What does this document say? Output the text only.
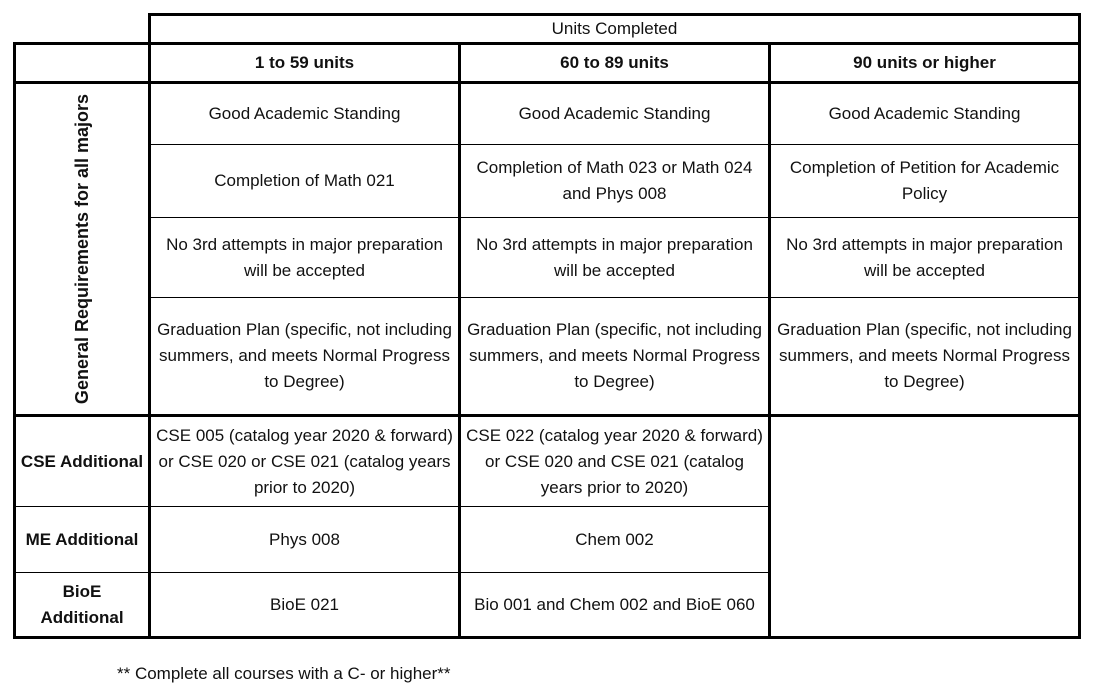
	Units Completed		
	1 to 59 units	60 to 89 units	90 units or higher

General Requirements for all majors	Good Academic Standing	Good Academic Standing	Good Academic Standing
	Completion of Math 021	Completion of Math 023 or Math 024 and Phys 008	Completion of Petition for Academic Policy
	No 3rd attempts in major preparation will be accepted	No 3rd attempts in major preparation will be accepted	No 3rd attempts in major preparation will be accepted
	Graduation Plan (specific, not including summers, and meets Normal Progress to Degree)	Graduation Plan (specific, not including summers, and meets Normal Progress to Degree)	Graduation Plan (specific, not including summers, and meets Normal Progress to Degree)
CSE Additional	CSE 005 (catalog year 2020 & forward) or CSE 020 or CSE 021 (catalog years prior to 2020)	CSE 022 (catalog year 2020 & forward) or CSE 020 and CSE 021 (catalog years prior to 2020)	
ME Additional	Phys 008	Chem 002	
BioE Additional	BioE 021	Bio 001 and Chem 002 and BioE 060	
** Complete all courses with a C- or higher**
